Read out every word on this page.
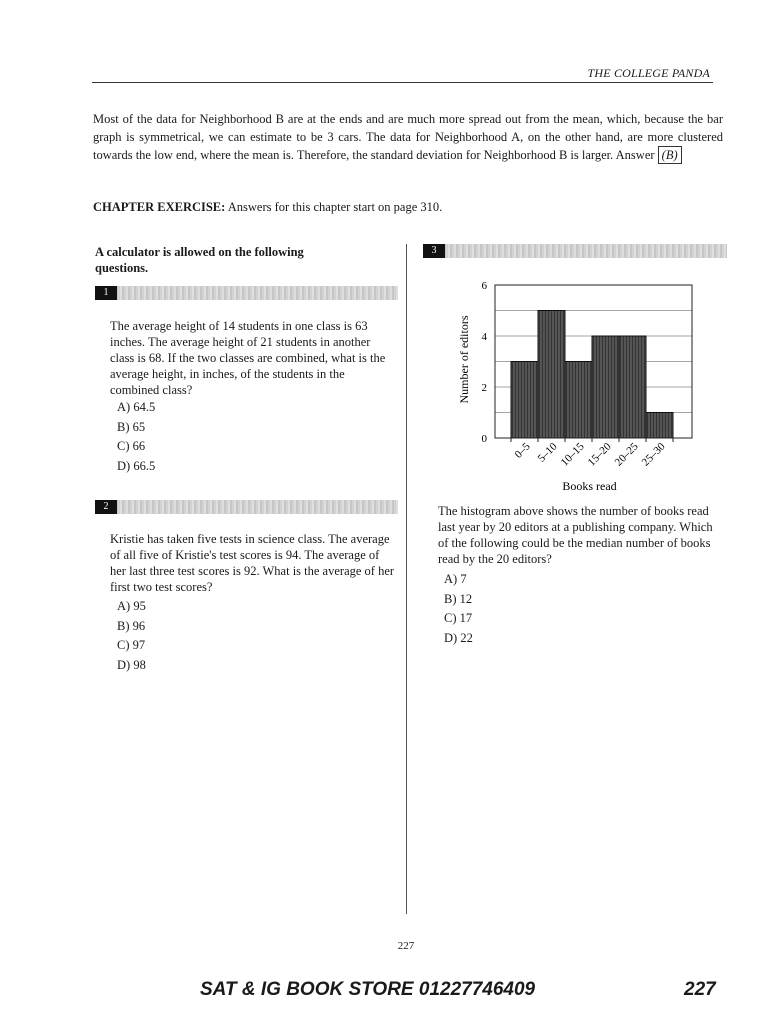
THE COLLEGE PANDA
Most of the data for Neighborhood B are at the ends and are much more spread out from the mean, which, because the bar graph is symmetrical, we can estimate to be 3 cars. The data for Neighborhood A, on the other hand, are more clustered towards the low end, where the mean is. Therefore, the standard deviation for Neighborhood B is larger. Answer (B)
CHAPTER EXERCISE: Answers for this chapter start on page 310.
A calculator is allowed on the following questions.
1
The average height of 14 students in one class is 63 inches. The average height of 21 students in another class is 68. If the two classes are combined, what is the average height, in inches, of the students in the combined class?
A) 64.5
B) 65
C) 66
D) 66.5
2
Kristie has taken five tests in science class. The average of all five of Kristie's test scores is 94. The average of her last three test scores is 92. What is the average of her first two test scores?
A) 95
B) 96
C) 97
D) 98
3
0
2
4
6
0–5 5–10 10–15 15–20 20–25 25–30
Number of editors
Books read
The histogram above shows the number of books read last year by 20 editors at a publishing company. Which of the following could be the median number of books read by the 20 editors?
A) 7
B) 12
C) 17
D) 22
227
SAT & IG BOOK STORE 01227746409	227
